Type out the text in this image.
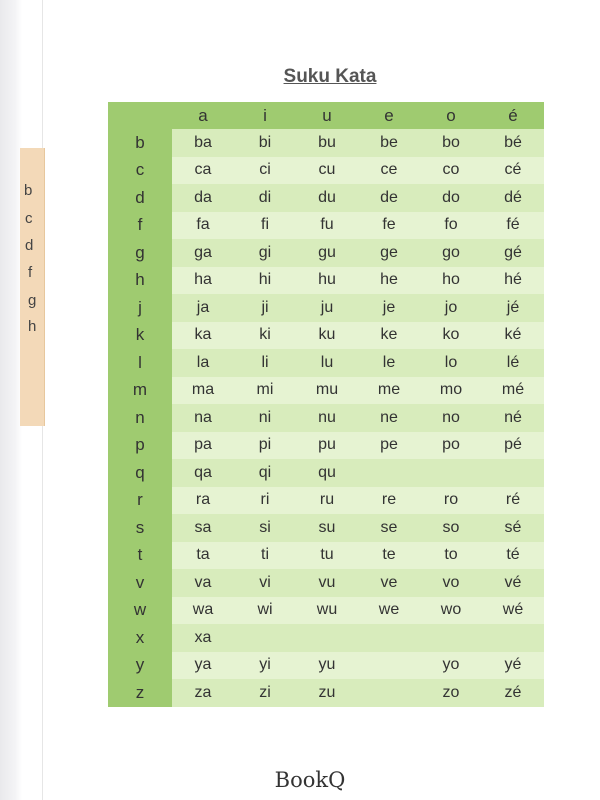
b
c
d
f
g
h
Suku Kata
	a	i	u	e	o	é
b	ba	bi	bu	be	bo	bé
c	ca	ci	cu	ce	co	cé
d	da	di	du	de	do	dé
f	fa	fi	fu	fe	fo	fé
g	ga	gi	gu	ge	go	gé
h	ha	hi	hu	he	ho	hé
j	ja	ji	ju	je	jo	jé
k	ka	ki	ku	ke	ko	ké
l	la	li	lu	le	lo	lé
m	ma	mi	mu	me	mo	mé
n	na	ni	nu	ne	no	né
p	pa	pi	pu	pe	po	pé
q	qa	qi	qu			
r	ra	ri	ru	re	ro	ré
s	sa	si	su	se	so	sé
t	ta	ti	tu	te	to	té
v	va	vi	vu	ve	vo	vé
w	wa	wi	wu	we	wo	wé
x	xa					
y	ya	yi	yu		yo	yé
z	za	zi	zu		zo	zé
BookQ
